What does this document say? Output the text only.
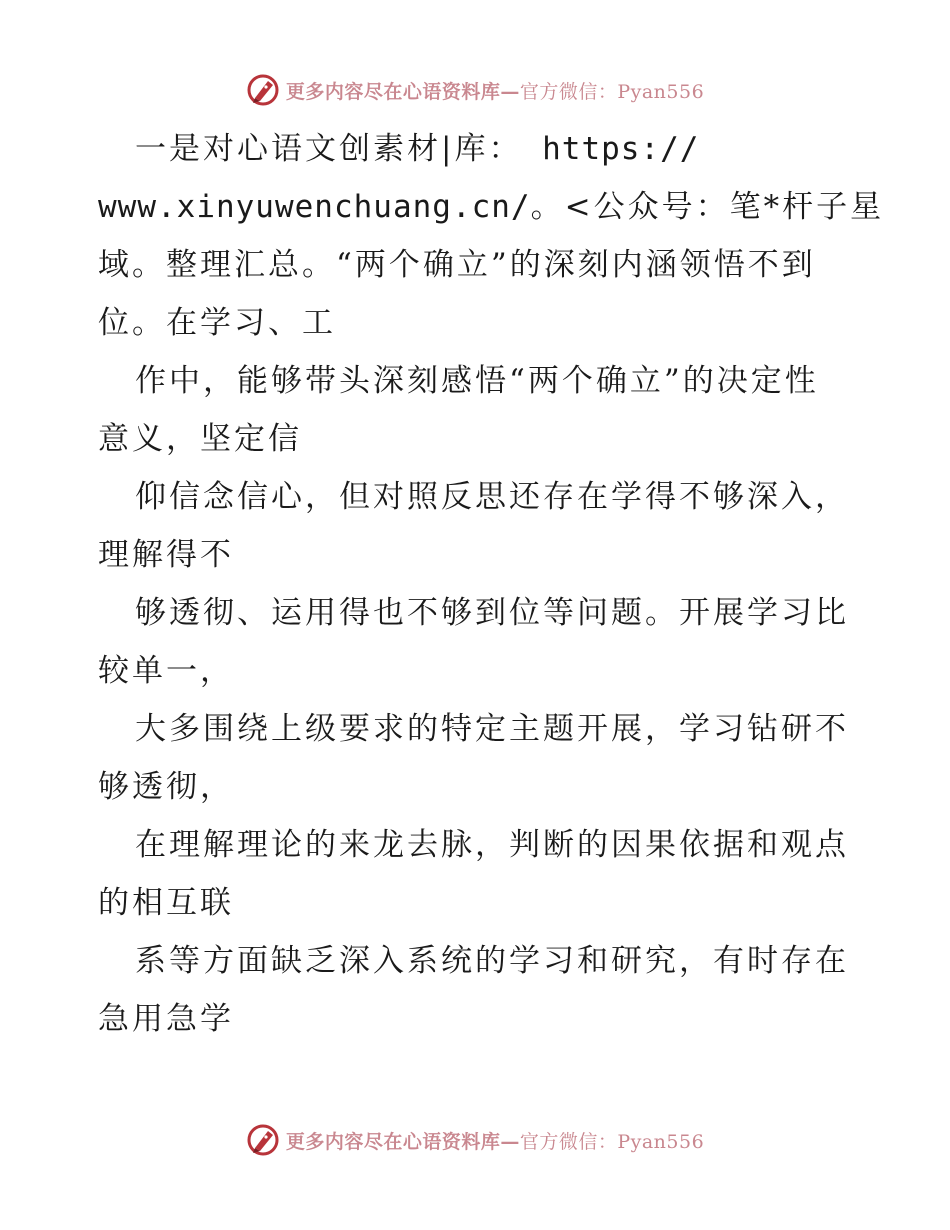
更多内容尽在心语资料库—官方微信：Pyan556
一是对心语文创素材|库： https://
www.xinyuwenchuang.cn/。<公众号：笔*杆子星
域。整理汇总。“两个确立”的深刻内涵领悟不到
位。在学习、工
作中，能够带头深刻感悟“两个确立”的决定性
意义，坚定信
仰信念信心，但对照反思还存在学得不够深入，
理解得不
够透彻、运用得也不够到位等问题。开展学习比
较单一，
大多围绕上级要求的特定主题开展，学习钻研不
够透彻，
在理解理论的来龙去脉，判断的因果依据和观点
的相互联
系等方面缺乏深入系统的学习和研究，有时存在
急用急学
更多内容尽在心语资料库—官方微信：Pyan556
